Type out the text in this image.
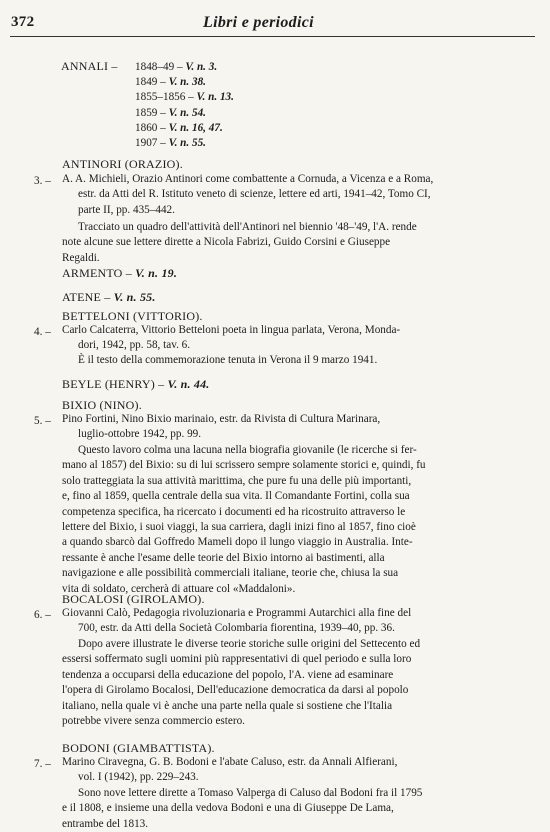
372	Libri e periodici
ANNALI – 1848–49 – V. n. 3.
1849 – V. n. 38.
1855–1856 – V. n. 13.
1859 – V. n. 54.
1860 – V. n. 16, 47.
1907 – V. n. 55.
ANTINORI (ORAZIO).
3. – A. A. Michieli, Orazio Antinori come combattente a Cornuda, a Vicenza e a Roma,
estr. da Atti del R. Istituto veneto di scienze, lettere ed arti, 1941–42, Tomo CI,
parte II, pp. 435–442.
Tracciato un quadro dell'attività dell'Antinori nel biennio '48–'49, l'A. rende
note alcune sue lettere dirette a Nicola Fabrizi, Guido Corsini e Giuseppe
Regaldi.
ARMENTO – V. n. 19.
ATENE – V. n. 55.
BETTELONI (VITTORIO).
4. – Carlo Calcaterra, Vittorio Betteloni poeta in lingua parlata, Verona, Monda-
dori, 1942, pp. 58, tav. 6.
È il testo della commemorazione tenuta in Verona il 9 marzo 1941.
BEYLE (HENRY) – V. n. 44.
BIXIO (NINO).
5. – Pino Fortini, Nino Bixio marinaio, estr. da Rivista di Cultura Marinara,
luglio-ottobre 1942, pp. 99.
Questo lavoro colma una lacuna nella biografia giovanile (le ricerche si fer-
mano al 1857) del Bixio: su di lui scrissero sempre solamente storici e, quindi, fu
solo tratteggiata la sua attività marittima, che pure fu una delle più importanti,
e, fino al 1859, quella centrale della sua vita. Il Comandante Fortini, colla sua
competenza specifica, ha ricercato i documenti ed ha ricostruito attraverso le
lettere del Bixio, i suoi viaggi, la sua carriera, dagli inizi fino al 1857, fino cioè
a quando sbarcò dal Goffredo Mameli dopo il lungo viaggio in Australia. Inte-
ressante è anche l'esame delle teorie del Bixio intorno ai bastimenti, alla
navigazione e alle possibilità commerciali italiane, teorie che, chiusa la sua
vita di soldato, cercherà di attuare col «Maddaloni».
BOCALOSI (GIROLAMO).
6. – Giovanni Calò, Pedagogia rivoluzionaria e Programmi Autarchici alla fine del
700, estr. da Atti della Società Colombaria fiorentina, 1939–40, pp. 36.
Dopo avere illustrate le diverse teorie storiche sulle origini del Settecento ed
essersi soffermato sugli uomini più rappresentativi di quel periodo e sulla loro
tendenza a occuparsi della educazione del popolo, l'A. viene ad esaminare
l'opera di Girolamo Bocalosi, Dell'educazione democratica da darsi al popolo
italiano, nella quale vi è anche una parte nella quale si sostiene che l'Italia
potrebbe vivere senza commercio estero.
BODONI (GIAMBATTISTA).
7. – Marino Ciravegna, G. B. Bodoni e l'abate Caluso, estr. da Annali Alfierani,
vol. I (1942), pp. 229–243.
Sono nove lettere dirette a Tomaso Valperga di Caluso dal Bodoni fra il 1795
e il 1808, e insieme una della vedova Bodoni e una di Giuseppe De Lama,
entrambe del 1813.
